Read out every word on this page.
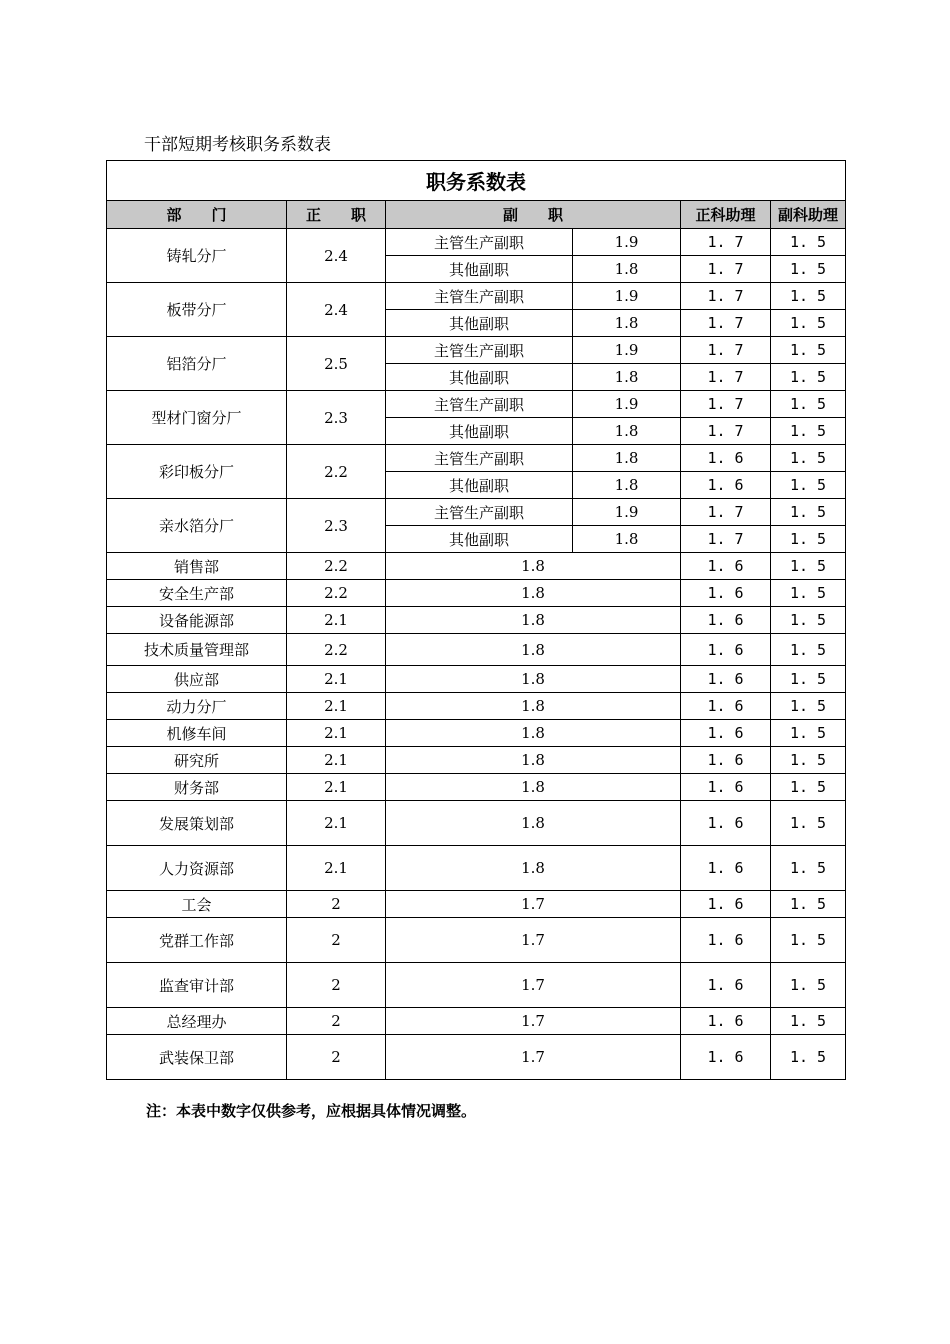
干部短期考核职务系数表
职务系数表					
部　　门	正　　职	副　　职		正科助理	副科助理
铸轧分厂	2.4	主管生产副职	1.9	1. 7	1. 5
		其他副职	1.8	1. 7	1. 5
板带分厂	2.4	主管生产副职	1.9	1. 7	1. 5
		其他副职	1.8	1. 7	1. 5
铝箔分厂	2.5	主管生产副职	1.9	1. 7	1. 5
		其他副职	1.8	1. 7	1. 5
型材门窗分厂	2.3	主管生产副职	1.9	1. 7	1. 5
		其他副职	1.8	1. 7	1. 5
彩印板分厂	2.2	主管生产副职	1.8	1. 6	1. 5
		其他副职	1.8	1. 6	1. 5
亲水箔分厂	2.3	主管生产副职	1.9	1. 7	1. 5
		其他副职	1.8	1. 7	1. 5
销售部	2.2	1.8		1. 6	1. 5
安全生产部	2.2	1.8		1. 6	1. 5
设备能源部	2.1	1.8		1. 6	1. 5
技术质量管理部	2.2	1.8		1. 6	1. 5
供应部	2.1	1.8		1. 6	1. 5
动力分厂	2.1	1.8		1. 6	1. 5
机修车间	2.1	1.8		1. 6	1. 5
研究所	2.1	1.8		1. 6	1. 5
财务部	2.1	1.8		1. 6	1. 5
发展策划部	2.1	1.8		1. 6	1. 5
人力资源部	2.1	1.8		1. 6	1. 5
工会	2	1.7		1. 6	1. 5
党群工作部	2	1.7		1. 6	1. 5
监查审计部	2	1.7		1. 6	1. 5
总经理办	2	1.7		1. 6	1. 5
武装保卫部	2	1.7		1. 6	1. 5
注：本表中数字仅供参考，应根据具体情况调整。
